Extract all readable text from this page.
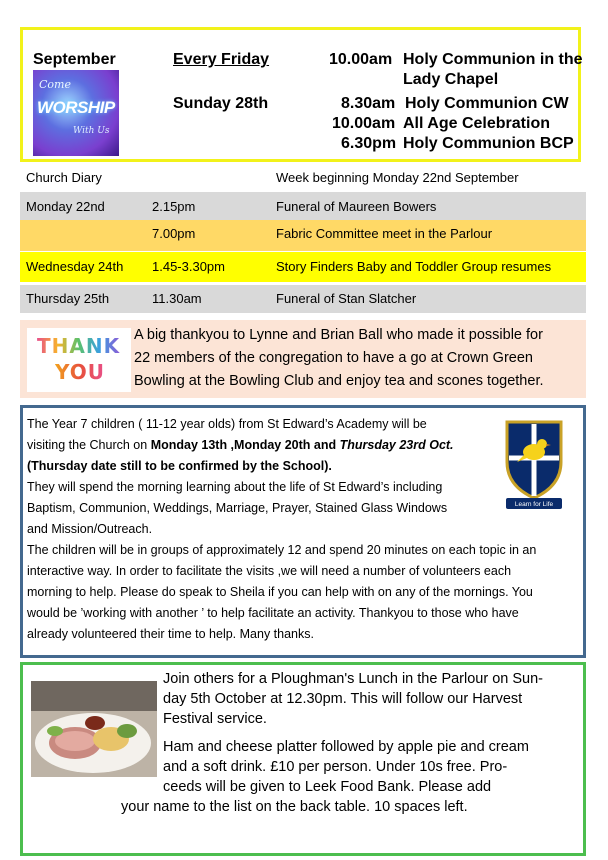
September
Come
WORSHIP
With Us
Every Friday	10.00am Holy Communion in the
Lady Chapel
Sunday 28th	8.30am Holy Communion CW
10.00am All Age Celebration
6.30pm Holy Communion BCP
Church Diary	Week beginning Monday 22nd September
Monday 22nd	2.15pm	Funeral of Maureen Bowers
7.00pm	Fabric Committee meet in the Parlour
Wednesday 24th 1.45-3.30pm	Story Finders Baby and Toddler Group resumes
Thursday 25th	11.30am	Funeral of Stan Slatcher
THANK
YOU
A big thankyou to Lynne and Brian Ball who made it possible for
22 members of the congregation to have a go at Crown Green
Bowling at the Bowling Club and enjoy tea and scones together.
The Year 7 children ( 11-12 year olds) from St Edward’s Academy will be
visiting the Church on Monday 13th ,Monday 20th and Thursday 23rd Oct.
(Thursday date still to be confirmed by the School).
They will spend the morning learning about the life of St Edward’s including
Baptism, Communion, Weddings, Marriage, Prayer, Stained Glass Windows
and Mission/Outreach.
The children will be in groups of approximately 12 and spend 20 minutes on each topic in an
interactive way. In order to facilitate the visits ,we will need a number of volunteers each
morning to help. Please do speak to Sheila if you can help with on any of the mornings. You
would be ’working with another ’ to help facilitate an activity. Thankyou to those who have
already volunteered their time to help. Many thanks.
Learn for Life
Join others for a Ploughman's Lunch in the Parlour on Sun-
day 5th October at 12.30pm. This will follow our Harvest
Festival service.
Ham and cheese platter followed by apple pie and cream
and a soft drink. £10 per person. Under 10s free. Pro-
ceeds will be given to Leek Food Bank. Please add
your name to the list on the back table. 10 spaces left.
